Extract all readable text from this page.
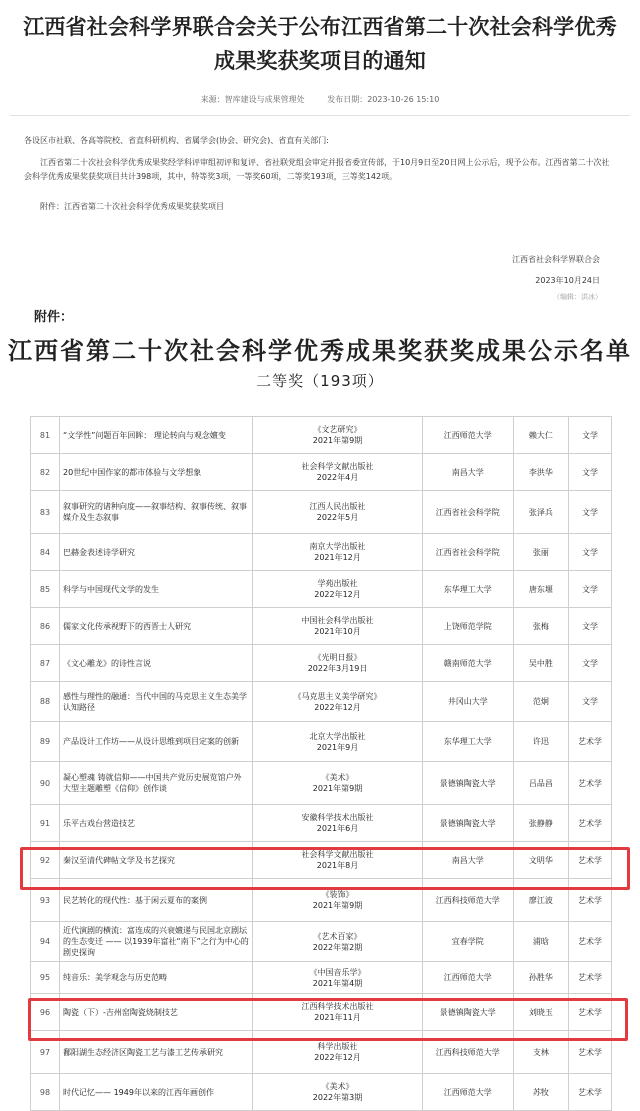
江西省社会科学界联合会关于公布江西省第二十次社会科学优秀成果奖获奖项目的通知
来源：智库建设与成果管理处	发布日期：2023-10-26 15:10
各设区市社联、各高等院校、省直科研机构、省属学会(协会、研究会)、省直有关部门:
江西省第二十次社会科学优秀成果奖经学科评审组初评和复评、省社联党组会审定并报省委宣传部，于10月9日至20日网上公示后，现予公布。江西省第二十次社会科学优秀成果奖获奖项目共计398项，其中，特等奖3项，一等奖60项，二等奖193项，三等奖142项。
附件：江西省第二十次社会科学优秀成果奖获奖项目
江西省社会科学界联合会
2023年10月24日
（编辑：洪冰）
附件：
江西省第二十次社会科学优秀成果奖获奖成果公示名单
二等奖（193项）
81	“文学性”问题百年回眸： 理论转向与观念嬗变	《文艺研究》
2021年第9期	江西师范大学	赖大仁	文学
82	20世纪中国作家的都市体验与文学想象	社会科学文献出版社
2022年4月	南昌大学	李洪华	文学
83	叙事研究的诸种向度——叙事结构、叙事传统、叙事媒介及生态叙事	江西人民出版社
2022年5月	江西省社会科学院	张泽兵	文学
84	巴赫金表述诗学研究	南京大学出版社
2021年12月	江西省社会科学院	张丽	文学
85	科学与中国现代文学的发生	学苑出版社
2022年12月	东华理工大学	唐东堰	文学
86	儒家文化传承视野下的西晋士人研究	中国社会科学出版社
2021年10月	上饶师范学院	张梅	文学
87	《文心雕龙》的诗性言说	《光明日报》
2022年3月19日	赣南师范大学	吴中胜	文学
88	感性与理性的融通：当代中国的马克思主义生态美学认知路径	《马克思主义美学研究》
2022年12月	井冈山大学	范炯	文学
89	产品设计工作坊——从设计思维到项目定案的创新	北京大学出版社
2021年9月	东华理工大学	许迅	艺术学
90	凝心塑魂 铸就信仰——中国共产党历史展览馆户外大型主题雕塑《信仰》创作谈	《美术》
2021年第9期	景德镇陶瓷大学	吕品昌	艺术学
91	乐平古戏台营造技艺	安徽科学技术出版社
2021年6月	景德镇陶瓷大学	张静静	艺术学
92	秦汉至清代碑帖文学及书艺探究	社会科学文献出版社
2021年8月	南昌大学	文明华	艺术学
93	民艺转化的现代性：基于闲云夏布的案例	《装饰》
2021年第9期	江西科技师范大学	廖江波	艺术学
94	近代演剧的横流：富连成的兴衰嬗递与民国北京剧坛的生态变迁 —— 以1939年富社“南下”之行为中心的剧史探询	《艺术百家》
2022年第2期	宜春学院	浦晗	艺术学
95	纯音乐：美学观念与历史范畴	《中国音乐学》
2021年第4期	江西师范大学	孙胜华	艺术学
96	陶瓷（下）-吉州窑陶瓷烧制技艺	江西科学技术出版社
2021年11月	景德镇陶瓷大学	刘晓玉	艺术学
97	鄱阳湖生态经济区陶瓷工艺与漆工艺传承研究	科学出版社
2022年12月	江西科技师范大学	支林	艺术学
98	时代记忆—— 1949年以来的江西年画创作	《美术》
2022年第3期	江西师范大学	苏牧	艺术学
